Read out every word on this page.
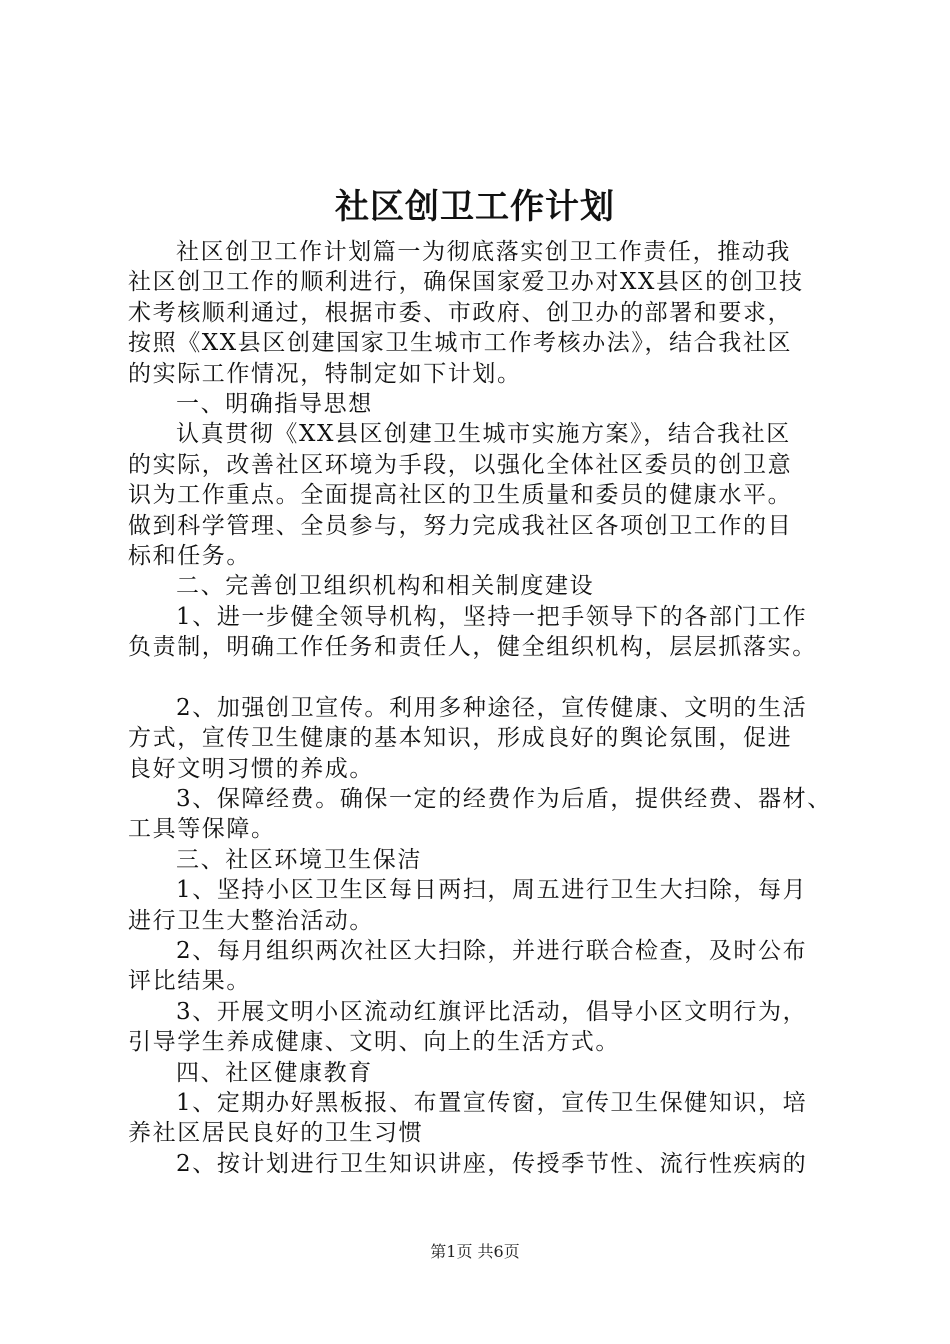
社区创卫工作计划
社区创卫工作计划篇一为彻底落实创卫工作责任，推动我
社区创卫工作的顺利进行，确保国家爱卫办对XX县区的创卫技
术考核顺利通过，根据市委、市政府、创卫办的部署和要求，
按照《XX县区创建国家卫生城市工作考核办法》，结合我社区
的实际工作情况，特制定如下计划。
一、明确指导思想
认真贯彻《XX县区创建卫生城市实施方案》，结合我社区
的实际，改善社区环境为手段，以强化全体社区委员的创卫意
识为工作重点。全面提高社区的卫生质量和委员的健康水平。
做到科学管理、全员参与，努力完成我社区各项创卫工作的目
标和任务。
二、完善创卫组织机构和相关制度建设
1、进一步健全领导机构，坚持一把手领导下的各部门工作
负责制，明确工作任务和责任人，健全组织机构，层层抓落实。
2、加强创卫宣传。利用多种途径，宣传健康、文明的生活
方式，宣传卫生健康的基本知识，形成良好的舆论氛围，促进
良好文明习惯的养成。
3、保障经费。确保一定的经费作为后盾，提供经费、器材、
工具等保障。
三、社区环境卫生保洁
1、坚持小区卫生区每日两扫，周五进行卫生大扫除，每月
进行卫生大整治活动。
2、每月组织两次社区大扫除，并进行联合检查，及时公布
评比结果。
3、开展文明小区流动红旗评比活动，倡导小区文明行为，
引导学生养成健康、文明、向上的生活方式。
四、社区健康教育
1、定期办好黑板报、布置宣传窗，宣传卫生保健知识，培
养社区居民良好的卫生习惯
2、按计划进行卫生知识讲座，传授季节性、流行性疾病的
第1页 共6页
